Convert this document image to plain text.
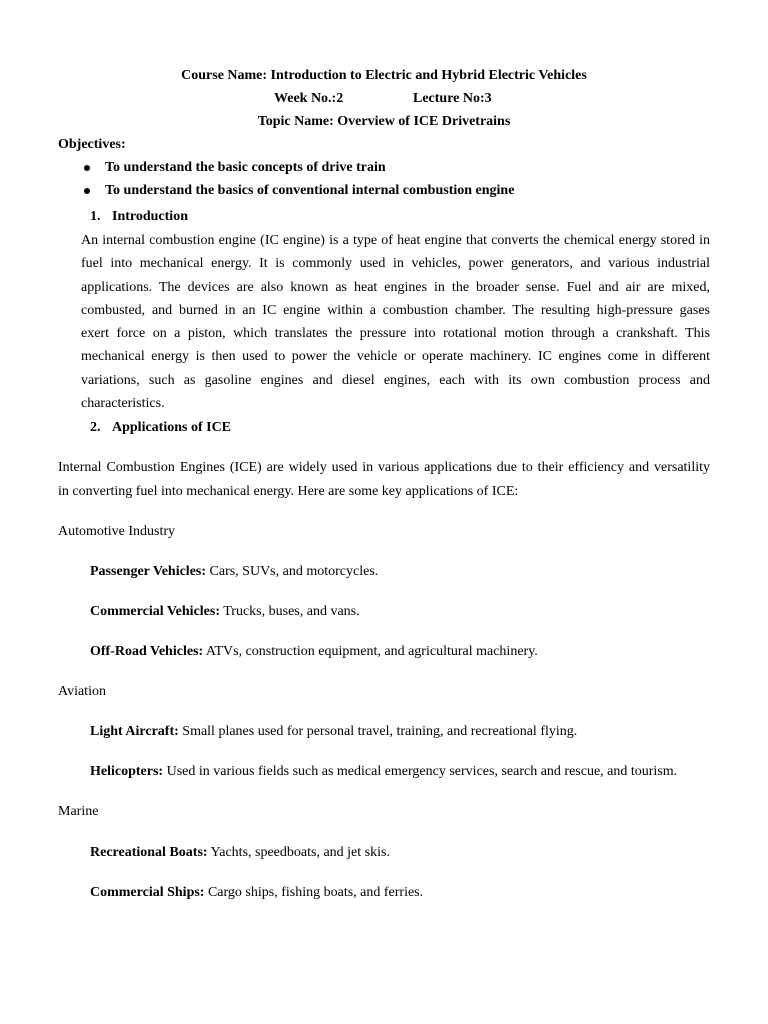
Course Name: Introduction to Electric and Hybrid Electric Vehicles
Week No.:2	Lecture No:3
Topic Name: Overview of ICE Drivetrains
Objectives:
To understand the basic concepts of drive train
To understand the basics of conventional internal combustion engine
1. Introduction
An internal combustion engine (IC engine) is a type of heat engine that converts the chemical energy stored in
fuel into mechanical energy. It is commonly used in vehicles, power generators, and various industrial
applications. The devices are also known as heat engines in the broader sense. Fuel and air are mixed,
combusted, and burned in an IC engine within a combustion chamber. The resulting high-pressure gases
exert force on a piston, which translates the pressure into rotational motion through a crankshaft. This
mechanical energy is then used to power the vehicle or operate machinery. IC engines come in different
variations, such as gasoline engines and diesel engines, each with its own combustion process and
characteristics.
2. Applications of ICE
Internal Combustion Engines (ICE) are widely used in various applications due to their efficiency and versatility
in converting fuel into mechanical energy. Here are some key applications of ICE:
Automotive Industry
Passenger Vehicles: Cars, SUVs, and motorcycles.
Commercial Vehicles: Trucks, buses, and vans.
Off-Road Vehicles: ATVs, construction equipment, and agricultural machinery.
Aviation
Light Aircraft: Small planes used for personal travel, training, and recreational flying.
Helicopters: Used in various fields such as medical emergency services, search and rescue, and tourism.
Marine
Recreational Boats: Yachts, speedboats, and jet skis.
Commercial Ships: Cargo ships, fishing boats, and ferries.
